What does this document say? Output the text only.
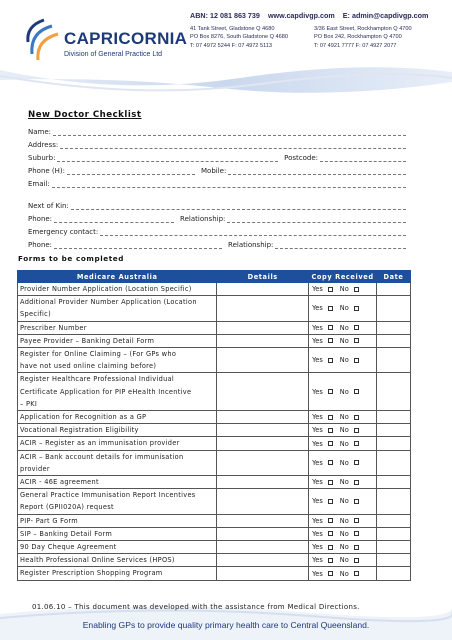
CAPRICORNIA
Division of General Practice Ltd
ABN: 12 081 863 739 www.capdivgp.com E: admin@capdivgp.com
41 Tank Street, Gladstone Q 4680
PO Box 8276, South Gladstone Q 4680
T: 07 4972 5244 F: 07 4972 5113
3/36 East Street, Rockhampton Q 4700
PO Box 242, Rockhampton Q 4700
T: 07 4921 7777 F: 07 4927 2077
New Doctor Checklist
Name:
Address:
Suburb:	Postcode:
Phone (H):	Mobile:
Email:
Next of Kin:
Phone:	Relationship:
Emergency contact:
Phone:	Relationship:
Forms to be completed
Medicare Australia	Details	Copy Received	Date

Provider Number Application (Location Specific)		Yes No	

Additional Provider Number Application (Location
Specific)		Yes No	

Prescriber Number		Yes No	

Payee Provider – Banking Detail Form		Yes No	

Register for Online Claiming – (For GPs who
have not used online claiming before)		Yes No	

Register Healthcare Professional Individual
Certificate Application for PIP eHealth Incentive
– PKI		Yes No	

Application for Recognition as a GP		Yes No	

Vocational Registration Eligibility		Yes No	

ACIR – Register as an immunisation provider		Yes No	

ACIR – Bank account details for immunisation
provider		Yes No	

ACIR - 46E agreement		Yes No	

General Practice Immunisation Report Incentives
Report (GPII020A) request		Yes No	

PIP- Part G Form		Yes No	

SIP – Banking Detail Form		Yes No	

90 Day Cheque Agreement		Yes No	

Health Professional Online Services (HPOS)		Yes No	

Register Prescription Shopping Program		Yes No	
01.06.10 – This document was developed with the assistance from Medical Directions.
Enabling GPs to provide quality primary health care to Central Queensland.
